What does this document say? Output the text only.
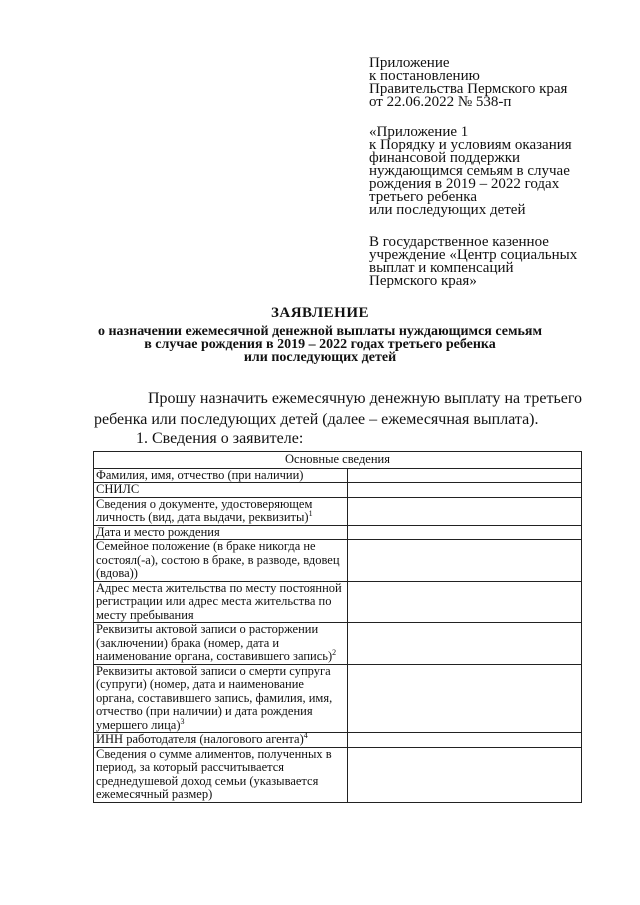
Приложение
к постановлению
Правительства Пермского края
от 22.06.2022 № 538-п
«Приложение 1
к Порядку и условиям оказания
финансовой поддержки
нуждающимся семьям в случае
рождения в 2019 – 2022 годах
третьего ребенка
или последующих детей
В государственное казенное
учреждение «Центр социальных
выплат и компенсаций
Пермского края»
ЗАЯВЛЕНИЕ
о назначении ежемесячной денежной выплаты нуждающимся семьям
в случае рождения в 2019 – 2022 годах третьего ребенка
или последующих детей
Прошу назначить ежемесячную денежную выплату на третьего ребенка или последующих детей (далее – ежемесячная выплата).
1. Сведения о заявителе:
Основные сведения	
Фамилия, имя, отчество (при наличии)	
СНИЛС	
Сведения о документе, удостоверяющем личность (вид, дата выдачи, реквизиты)$^1$	
Дата и место рождения	
Семейное положение (в браке никогда не состоял(-а), состою в браке, в разводе, вдовец (вдова))	
Адрес места жительства по месту постоянной регистрации или адрес места жительства по месту пребывания	
Реквизиты актовой записи о расторжении (заключении) брака (номер, дата и наименование органа, составившего запись)$^2$	
Реквизиты актовой записи о смерти супруга (супруги) (номер, дата и наименование органа, составившего запись, фамилия, имя, отчество (при наличии) и дата рождения умершего лица)$^3$	
ИНН работодателя (налогового агента)$^4$	
Сведения о сумме алиментов, полученных в период, за который рассчитывается среднедушевой доход семьи (указывается ежемесячный размер)	
